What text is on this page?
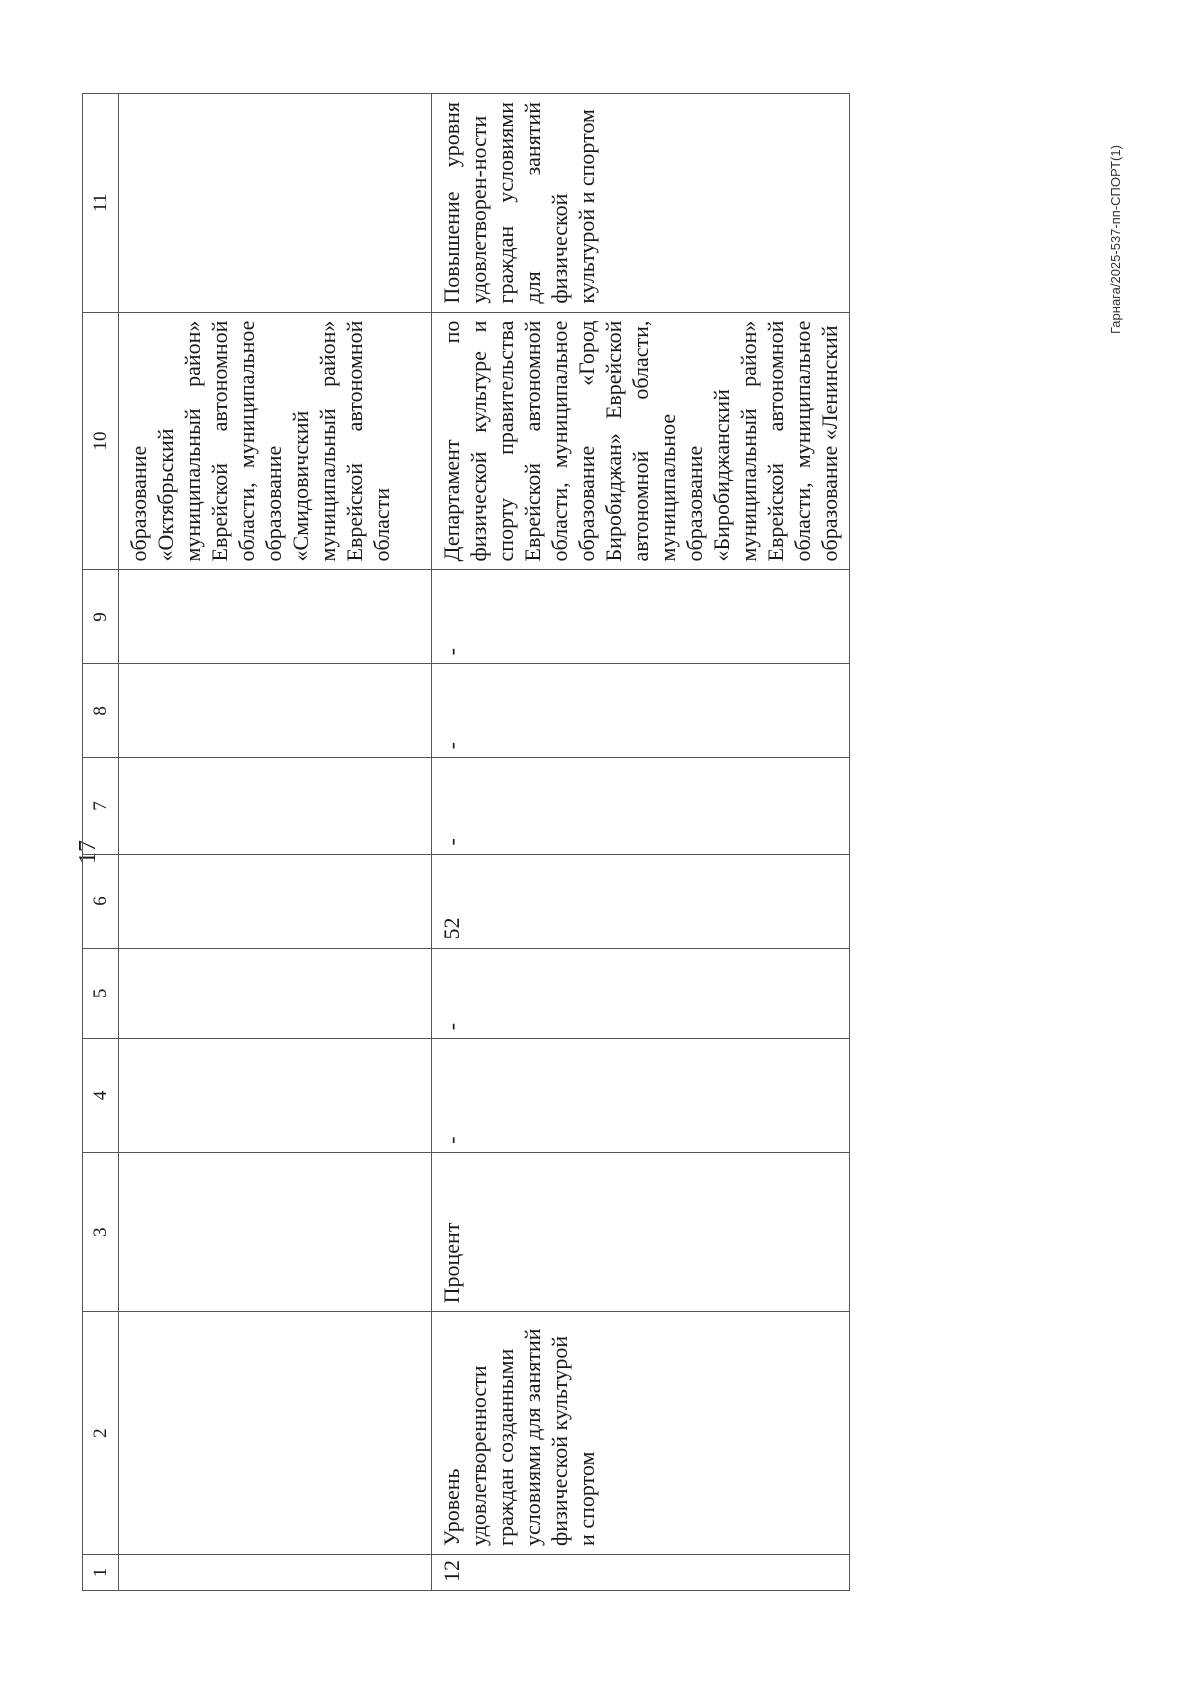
17
1	2	3	4	5	6	7	8	9	10	11
									образование «Октябрьский муниципальный район» Еврейской автономной области, муниципальное образование «Смидовичский муниципальный район» Еврейской автономной области	
12	Уровень удовлетворенности граждан созданными условиями для занятий физической культурой и спортом	Процент	-	-	52	-	-	-	Департамент по физической культуре и спорту правительства Еврейской автономной области, муниципальное образование «Город Биробиджан» Еврейской автономной области, муниципальное образование «Биробиджанский муниципальный район» Еврейской автономной области, муниципальное образование «Ленинский	Повышение уровня удовлетворен-ности граждан условиями для занятий физической культурой и спортом	Гарнага/2025-537-пп-СПОРТ(1)
